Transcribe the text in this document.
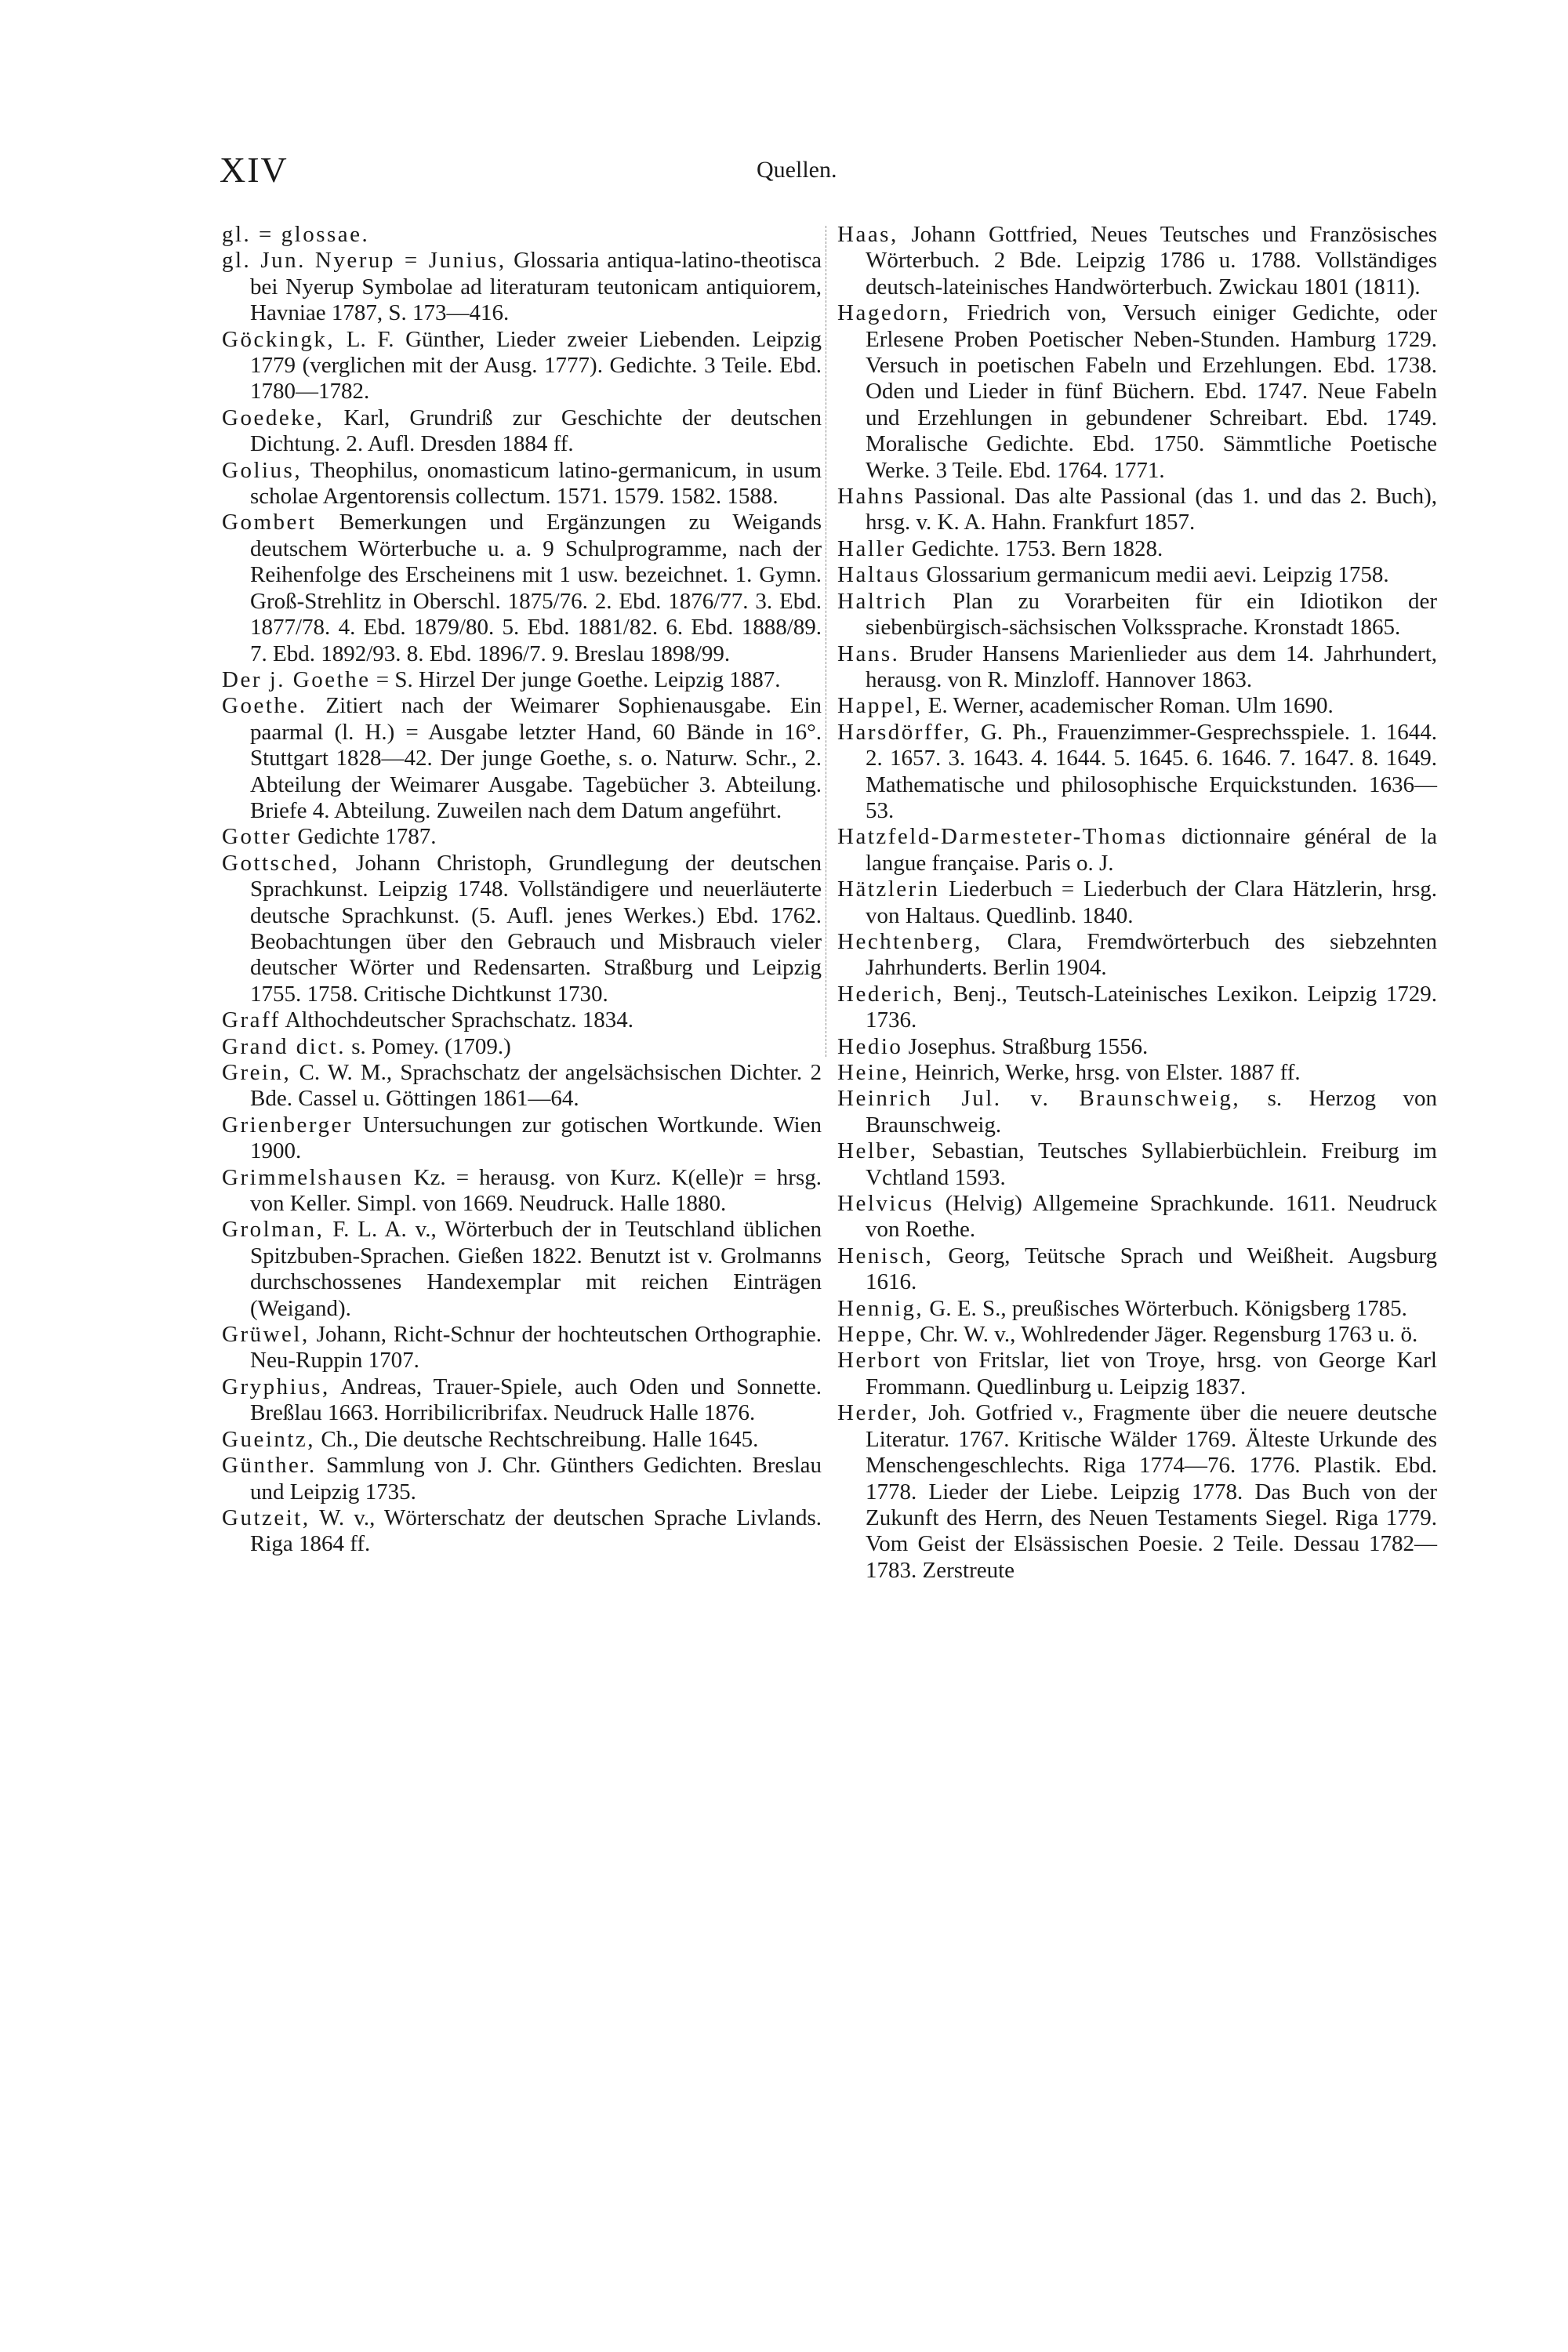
XIV	Quellen.

gl. = glossae.

gl. Jun. Nyerup = Junius, Glossaria antiqua-latino-theotisca bei Nyerup Symbolae ad literaturam teutonicam antiquiorem, Havniae 1787, S. 173—416.

Göckingk, L. F. Günther, Lieder zweier Liebenden. Leipzig 1779 (verglichen mit der Ausg. 1777). Gedichte. 3 Teile. Ebd. 1780—1782.

Goedeke, Karl, Grundriß zur Geschichte der deutschen Dichtung. 2. Aufl. Dresden 1884 ff.

Golius, Theophilus, onomasticum latino-germanicum, in usum scholae Argentorensis collectum. 1571. 1579. 1582. 1588.

Gombert Bemerkungen und Ergänzungen zu Weigands deutschem Wörterbuche u. a. 9 Schulprogramme, nach der Reihenfolge des Erscheinens mit 1 usw. bezeichnet. 1. Gymn. Groß-Strehlitz in Oberschl. 1875/76. 2. Ebd. 1876/77. 3. Ebd. 1877/78. 4. Ebd. 1879/80. 5. Ebd. 1881/82. 6. Ebd. 1888/89. 7. Ebd. 1892/93. 8. Ebd. 1896/7. 9. Breslau 1898/99.

Der j. Goethe = S. Hirzel Der junge Goethe. Leipzig 1887.

Goethe. Zitiert nach der Weimarer Sophienausgabe. Ein paarmal (l. H.) = Ausgabe letzter Hand, 60 Bände in 16°. Stuttgart 1828—42. Der junge Goethe, s. o. Naturw. Schr., 2. Abteilung der Weimarer Ausgabe. Tagebücher 3. Abteilung. Briefe 4. Abteilung. Zuweilen nach dem Datum angeführt.

Gotter Gedichte 1787.

Gottsched, Johann Christoph, Grundlegung der deutschen Sprachkunst. Leipzig 1748. Vollständigere und neuerläuterte deutsche Sprachkunst. (5. Aufl. jenes Werkes.) Ebd. 1762. Beobachtungen über den Gebrauch und Misbrauch vieler deutscher Wörter und Redensarten. Straßburg und Leipzig 1755. 1758. Critische Dichtkunst 1730.

Graff Althochdeutscher Sprachschatz. 1834.

Grand dict. s. Pomey. (1709.)

Grein, C. W. M., Sprachschatz der angelsächsischen Dichter. 2 Bde. Cassel u. Göttingen 1861—64.

Grienberger Untersuchungen zur gotischen Wortkunde. Wien 1900.

Grimmelshausen Kz. = herausg. von Kurz. K(elle)r = hrsg. von Keller. Simpl. von 1669. Neudruck. Halle 1880.

Grolman, F. L. A. v., Wörterbuch der in Teutschland üblichen Spitzbuben-Sprachen. Gießen 1822. Benutzt ist v. Grolmanns durchschossenes Handexemplar mit reichen Einträgen (Weigand).

Grüwel, Johann, Richt-Schnur der hochteutschen Orthographie. Neu-Ruppin 1707.

Gryphius, Andreas, Trauer-Spiele, auch Oden und Sonnette. Breßlau 1663. Horribilicribrifax. Neudruck Halle 1876.

Gueintz, Ch., Die deutsche Rechtschreibung. Halle 1645.

Günther. Sammlung von J. Chr. Günthers Gedichten. Breslau und Leipzig 1735.

Gutzeit, W. v., Wörterschatz der deutschen Sprache Livlands. Riga 1864 ff.

Haas, Johann Gottfried, Neues Teutsches und Französisches Wörterbuch. 2 Bde. Leipzig 1786 u. 1788. Vollständiges deutsch-lateinisches Handwörterbuch. Zwickau 1801 (1811).

Hagedorn, Friedrich von, Versuch einiger Gedichte, oder Erlesene Proben Poetischer Neben-Stunden. Hamburg 1729. Versuch in poetischen Fabeln und Erzehlungen. Ebd. 1738. Oden und Lieder in fünf Büchern. Ebd. 1747. Neue Fabeln und Erzehlungen in gebundener Schreibart. Ebd. 1749. Moralische Gedichte. Ebd. 1750. Sämmtliche Poetische Werke. 3 Teile. Ebd. 1764. 1771.

Hahns Passional. Das alte Passional (das 1. und das 2. Buch), hrsg. v. K. A. Hahn. Frankfurt 1857.

Haller Gedichte. 1753. Bern 1828.

Haltaus Glossarium germanicum medii aevi. Leipzig 1758.

Haltrich Plan zu Vorarbeiten für ein Idiotikon der siebenbürgisch-sächsischen Volkssprache. Kronstadt 1865.

Hans. Bruder Hansens Marienlieder aus dem 14. Jahrhundert, herausg. von R. Minzloff. Hannover 1863.

Happel, E. Werner, academischer Roman. Ulm 1690.

Harsdörffer, G. Ph., Frauenzimmer-Gesprechsspiele. 1. 1644. 2. 1657. 3. 1643. 4. 1644. 5. 1645. 6. 1646. 7. 1647. 8. 1649. Mathematische und philosophische Erquickstunden. 1636—53.

Hatzfeld-Darmesteter-Thomas dictionnaire général de la langue française. Paris o. J.

Hätzlerin Liederbuch = Liederbuch der Clara Hätzlerin, hrsg. von Haltaus. Quedlinb. 1840.

Hechtenberg, Clara, Fremdwörterbuch des siebzehnten Jahrhunderts. Berlin 1904.

Hederich, Benj., Teutsch-Lateinisches Lexikon. Leipzig 1729. 1736.

Hedio Josephus. Straßburg 1556.

Heine, Heinrich, Werke, hrsg. von Elster. 1887 ff.

Heinrich Jul. v. Braunschweig, s. Herzog von Braunschweig.

Helber, Sebastian, Teutsches Syllabierbüchlein. Freiburg im Vchtland 1593.

Helvicus (Helvig) Allgemeine Sprachkunde. 1611. Neudruck von Roethe.

Henisch, Georg, Teütsche Sprach und Weißheit. Augsburg 1616.

Hennig, G. E. S., preußisches Wörterbuch. Königsberg 1785.

Heppe, Chr. W. v., Wohlredender Jäger. Regensburg 1763 u. ö.

Herbort von Fritslar, liet von Troye, hrsg. von George Karl Frommann. Quedlinburg u. Leipzig 1837.

Herder, Joh. Gotfried v., Fragmente über die neuere deutsche Literatur. 1767. Kritische Wälder 1769. Älteste Urkunde des Menschengeschlechts. Riga 1774—76. 1776. Plastik. Ebd. 1778. Lieder der Liebe. Leipzig 1778. Das Buch von der Zukunft des Herrn, des Neuen Testaments Siegel. Riga 1779. Vom Geist der Elsässischen Poesie. 2 Teile. Dessau 1782—1783. Zerstreute
